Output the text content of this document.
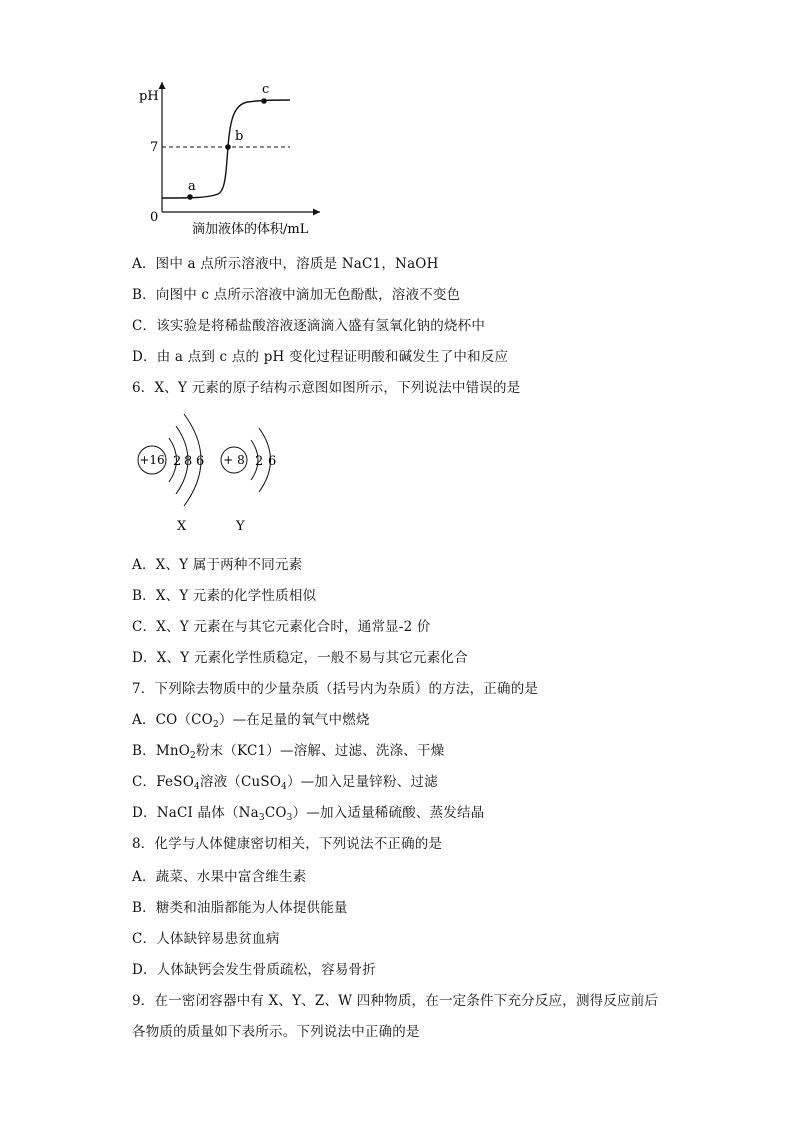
pH
7
0
a
b
c
滴加液体的体积/mL
A．图中 a 点所示溶液中，溶质是 NaC1，NaOH
B．向图中 c 点所示溶液中滴加无色酚酞，溶液不变色
C．该实验是将稀盐酸溶液逐滴滴入盛有氢氧化钠的烧杯中
D．由 a 点到 c 点的 pH 变化过程证明酸和碱发生了中和反应
6．X、Y 元素的原子结构示意图如图所示，下列说法中错误的是
+16 2 8 6
X
+ 8 2 6
Y
A．X、Y 属于两种不同元素
B．X、Y 元素的化学性质相似
C．X、Y 元素在与其它元素化合时，通常显-2 价
D．X、Y 元素化学性质稳定，一般不易与其它元素化合
7．下列除去物质中的少量杂质（括号内为杂质）的方法，正确的是
A．$CO(CO_2)—$在足量的氧气中燃烧
B．MnO$_2$粉末（KC1）—溶解、过滤、洗涤、干燥
C．FeSO$_4$溶液（CuSO$_4$）—加入足量锌粉、过滤
D．NaCI 晶体$(Na_3CO_3)—$加入适量稀硫酸、蒸发结晶
8．化学与人体健康密切相关，下列说法不正确的是
A．蔬菜、水果中富含维生素
B．糖类和油脂都能为人体提供能量
C．人体缺锌易患贫血病
D．人体缺钙会发生骨质疏松，容易骨折
9．在一密闭容器中有 X、Y、Z、W 四种物质，在一定条件下充分反应，测得反应前后
各物质的质量如下表所示。下列说法中正确的是
